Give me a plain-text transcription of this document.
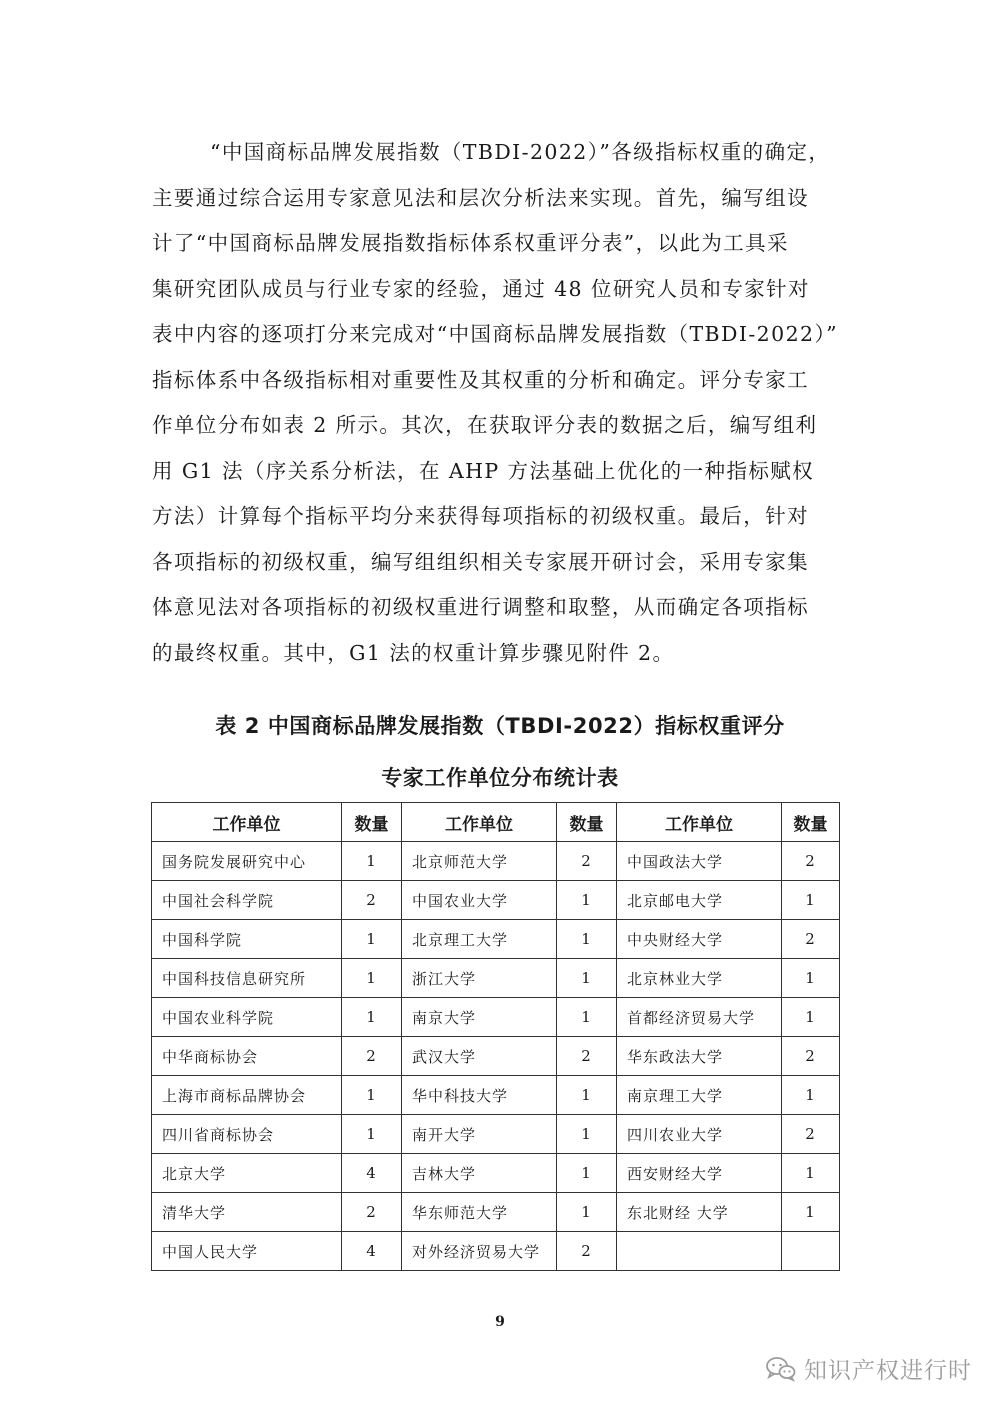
“中国商标品牌发展指数（TBDI-2022）”各级指标权重的确定，
主要通过综合运用专家意见法和层次分析法来实现。首先，编写组设
计了“中国商标品牌发展指数指标体系权重评分表”，以此为工具采
集研究团队成员与行业专家的经验，通过 48 位研究人员和专家针对
表中内容的逐项打分来完成对“中国商标品牌发展指数（TBDI-2022）”
指标体系中各级指标相对重要性及其权重的分析和确定。评分专家工
作单位分布如表 2 所示。其次，在获取评分表的数据之后，编写组利
用 G1 法（序关系分析法，在 AHP 方法基础上优化的一种指标赋权
方法）计算每个指标平均分来获得每项指标的初级权重。最后，针对
各项指标的初级权重，编写组组织相关专家展开研讨会，采用专家集
体意见法对各项指标的初级权重进行调整和取整，从而确定各项指标
的最终权重。其中，G1 法的权重计算步骤见附件 2。
表 2 中国商标品牌发展指数（TBDI-2022）指标权重评分
专家工作单位分布统计表
工作单位	数量	工作单位	数量	工作单位	数量
国务院发展研究中心	1	北京师范大学	2	中国政法大学	2
中国社会科学院	2	中国农业大学	1	北京邮电大学	1
中国科学院	1	北京理工大学	1	中央财经大学	2
中国科技信息研究所	1	浙江大学	1	北京林业大学	1
中国农业科学院	1	南京大学	1	首都经济贸易大学	1
中华商标协会	2	武汉大学	2	华东政法大学	2
上海市商标品牌协会	1	华中科技大学	1	南京理工大学	1
四川省商标协会	1	南开大学	1	四川农业大学	2
北京大学	4	吉林大学	1	西安财经大学	1
清华大学	2	华东师范大学	1	东北财经 大学	1
中国人民大学	4	对外经济贸易大学	2		
9
知识产权进行时
